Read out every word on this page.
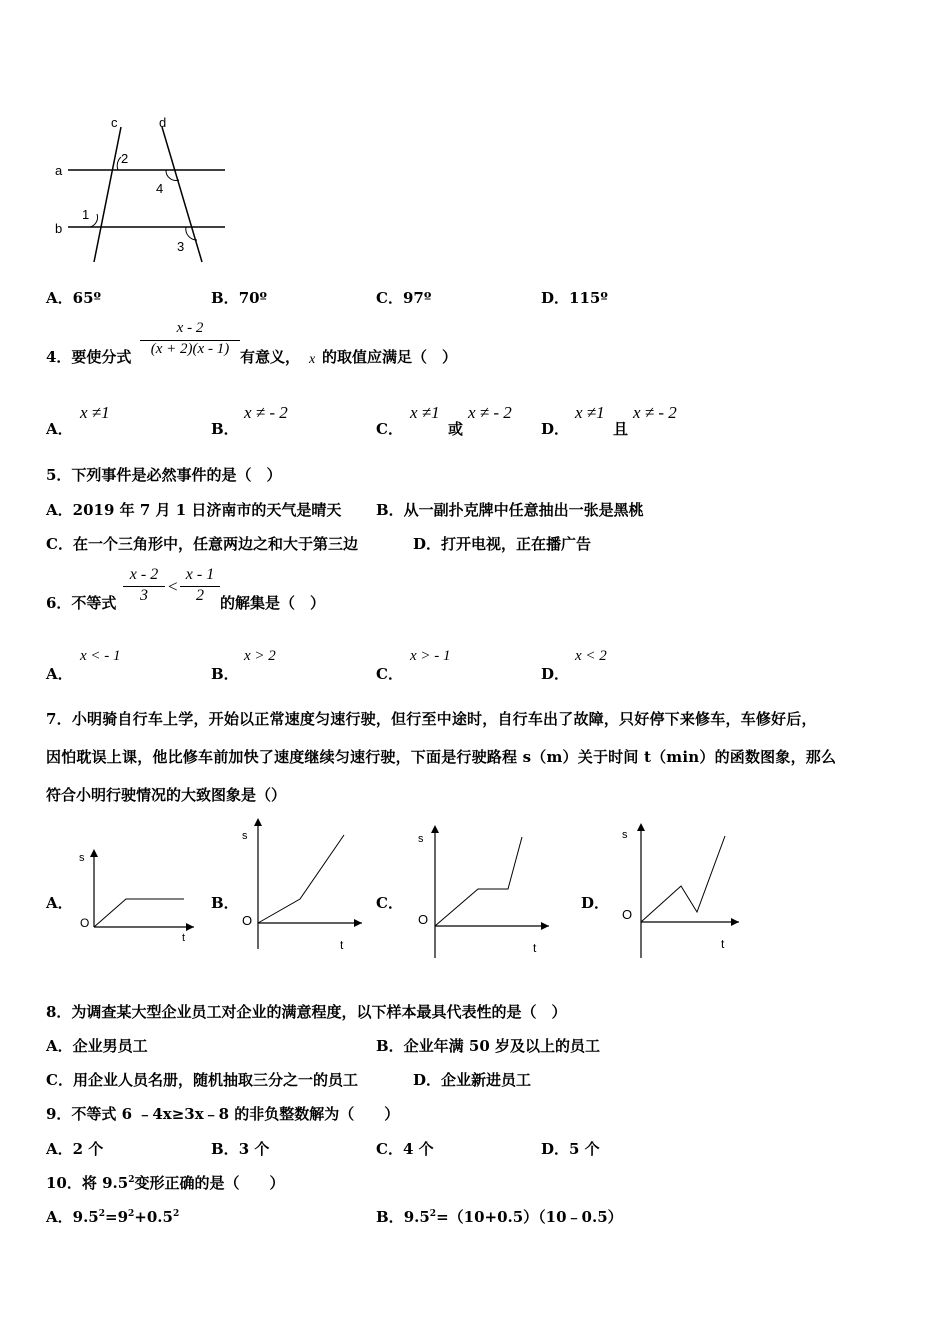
c	d
a
b
2
4
1
3
A．65º	B．70º	C．97º	D．115º
4．要使分式 $\frac{x - 2}{(x + 2)(x - 1)}$ 有意义， x 的取值应满足（　）
A．
x ≠1
B．
x ≠ - 2
C．
x ≠1
或
x ≠ - 2
D．
x ≠1
且
x ≠ - 2
5．下列事件是必然事件的是（　）
A．2019 年 7 月 1 日济南市的天气是晴天 B．从一副扑克牌中任意抽出一张是黑桃
C．在一个三角形中，任意两边之和大于第三边	D．打开电视，正在播广告
6．不等式 $\frac{x - 2}{3} < \frac{x - 1}{2}$ 的解集是（　）
A．
x < - 1
B．
x > 2
C．
x > - 1
D．
x < 2
7．小明骑自行车上学，开始以正常速度匀速行驶，但行至中途时，自行车出了故障，只好停下来修车，车修好后，
因怕耽误上课，他比修车前加快了速度继续匀速行驶，下面是行驶路程 s（m）关于时间 t（min）的函数图象，那么
符合小明行驶情况的大致图象是（）
A．
s
t
O
B．
s
t
O
C．
s
t
O
D．
s
t
O
8．为调查某大型企业员工对企业的满意程度，以下样本最具代表性的是（　）
A．企业男员工	B．企业年满 50 岁及以上的员工
C．用企业人员名册，随机抽取三分之一的员工	D．企业新进员工
9．不等式 6 ﹣4x≥3x﹣8 的非负整数解为（　　）
A．2 个	B．3 个	C．4 个	D．5 个
10．将 $9.5^2$变形正确的是（　　）
A．$9.5^2=9^2+0.5^2$	B．$9.5^2=(10+0.5)(10﹣0.5)$
